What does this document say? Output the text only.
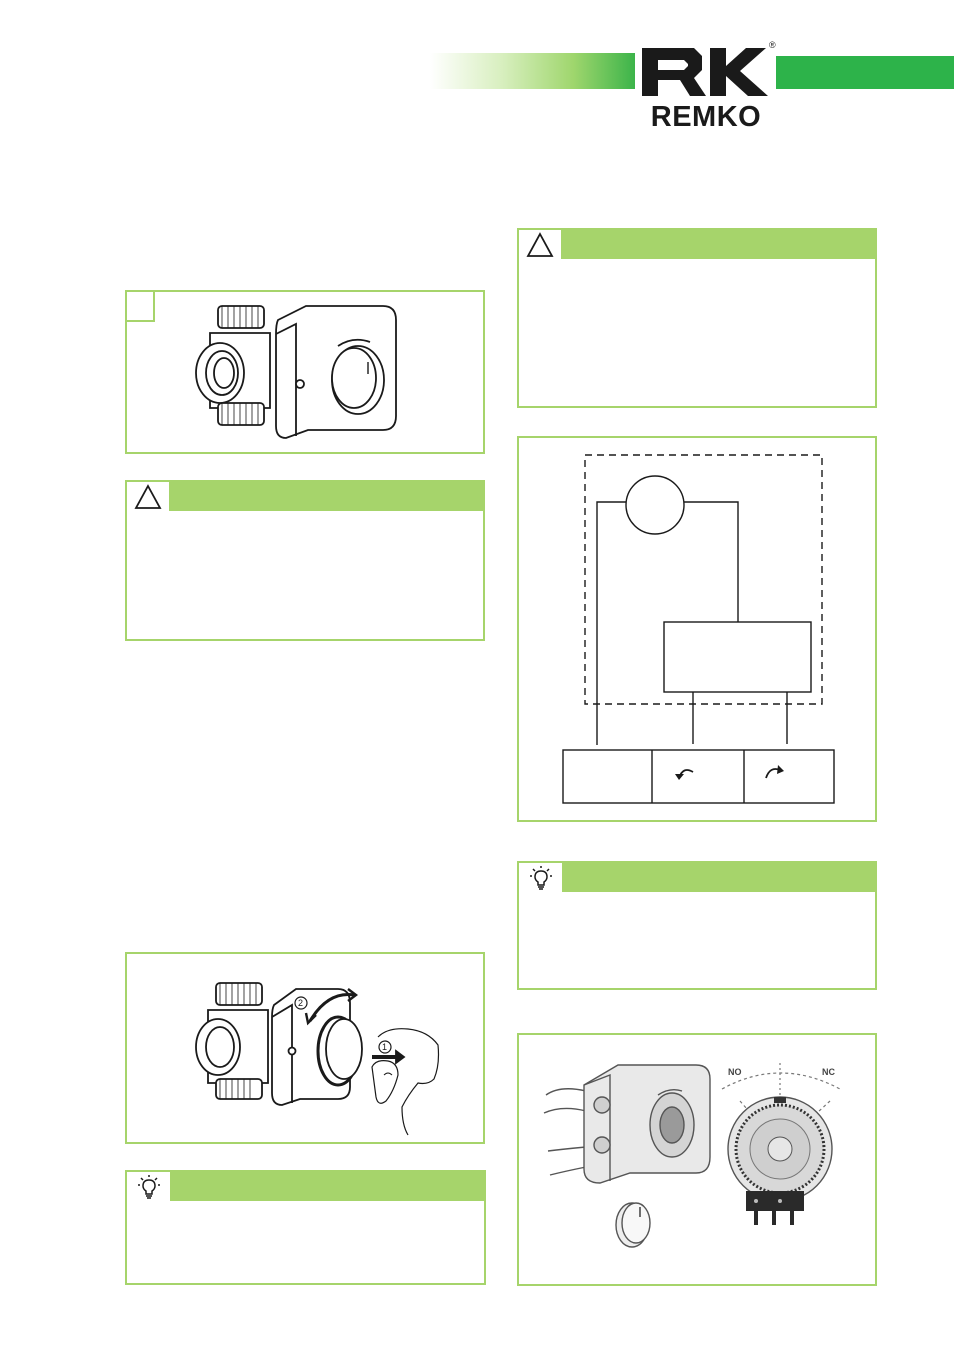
®
REMKO
2
1
NO	NC
